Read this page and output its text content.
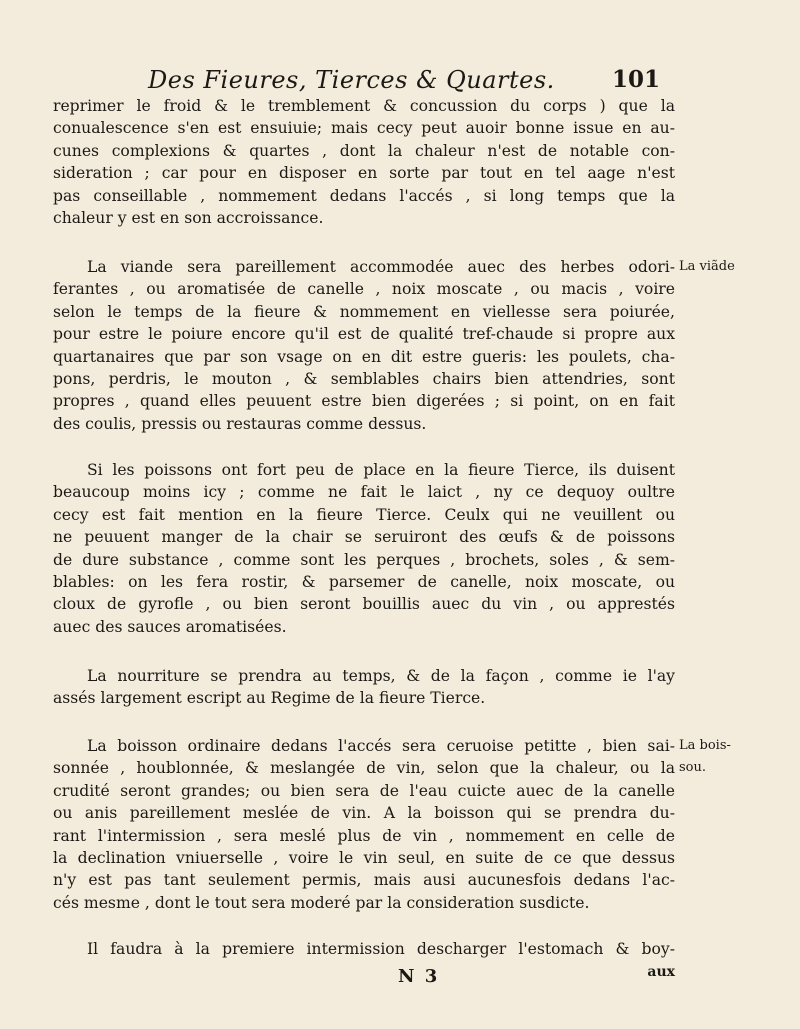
Des Fieures, Tierces & Quartes. 101
reprimer le froid & le tremblement & concussion du corps ) que la
conualescence s'en est ensuiuie; mais cecy peut auoir bonne issue en au-
cunes complexions & quartes , dont la chaleur n'est de notable con-
sideration ; car pour en disposer en sorte par tout en tel aage n'est
pas conseillable , nommement dedans l'accés , si long temps que la
chaleur y est en son accroissance.
La viande sera pareillement accommodée auec des herbes odori-
ferantes , ou aromatisée de canelle , noix moscate , ou macis , voire
selon le temps de la fieure & nommement en viellesse sera poiurée,
pour estre le poiure encore qu'il est de qualité tref-chaude si propre aux
quartanaires que par son vsage on en dit estre gueris: les poulets, cha-
pons, perdris, le mouton , & semblables chairs bien attendries, sont
propres , quand elles peuuent estre bien digerées ; si point, on en fait
des coulis, pressis ou restauras comme dessus.
Si les poissons ont fort peu de place en la fieure Tierce, ils duisent
beaucoup moins icy ; comme ne fait le laict , ny ce dequoy oultre
cecy est fait mention en la fieure Tierce. Ceulx qui ne veuillent ou
ne peuuent manger de la chair se seruiront des œufs & de poissons
de dure substance , comme sont les perques , brochets, soles , & sem-
blables: on les fera rostir, & parsemer de canelle, noix moscate, ou
cloux de gyrofle , ou bien seront bouillis auec du vin , ou apprestés
auec des sauces aromatisées.
La nourriture se prendra au temps, & de la façon , comme ie l'ay
assés largement escript au Regime de la fieure Tierce.
La boisson ordinaire dedans l'accés sera ceruoise petitte , bien sai-
sonnée , houblonnée, & meslangée de vin, selon que la chaleur, ou la
crudité seront grandes; ou bien sera de l'eau cuicte auec de la canelle
ou anis pareillement meslée de vin. A la boisson qui se prendra du-
rant l'intermission , sera meslé plus de vin , nommement en celle de
la declination vniuerselle , voire le vin seul, en suite de ce que dessus
n'y est pas tant seulement permis, mais ausi aucunesfois dedans l'ac-
cés mesme , dont le tout sera moderé par la consideration susdicte.
Il faudra à la premiere intermission descharger l'estomach & boy-
La viãde
La bois-
sou.
N 3	aux
